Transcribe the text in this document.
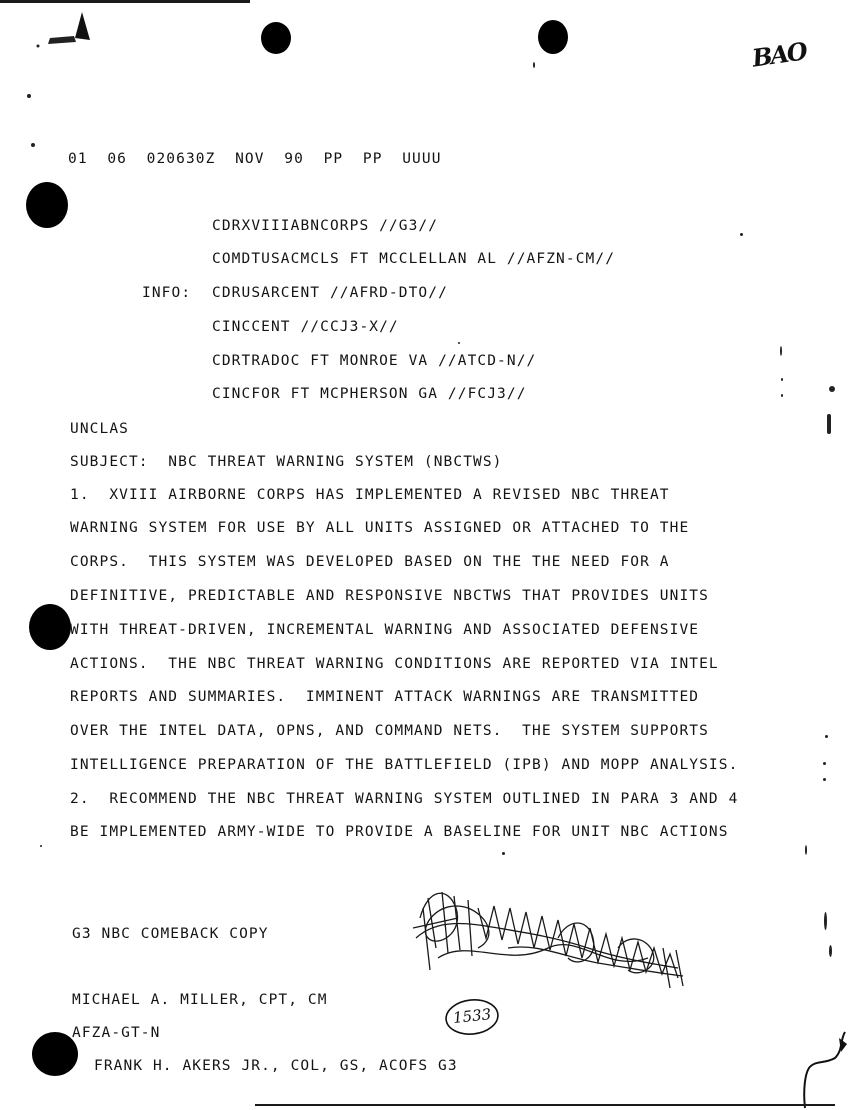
BAO
01  06  020630Z  NOV  90  PP  PP  UUUU
CDRXVIIIABNCORPS //G3//
COMDTUSACMCLS FT MCCLELLAN AL //AFZN-CM//
INFO: CDRUSARCENT //AFRD-DTO//
CINCCENT //CCJ3-X//
CDRTRADOC FT MONROE VA //ATCD-N//
CINCFOR FT MCPHERSON GA //FCJ3//
UNCLAS
SUBJECT:  NBC THREAT WARNING SYSTEM (NBCTWS)
1.  XVIII AIRBORNE CORPS HAS IMPLEMENTED A REVISED NBC THREAT
WARNING SYSTEM FOR USE BY ALL UNITS ASSIGNED OR ATTACHED TO THE
CORPS.  THIS SYSTEM WAS DEVELOPED BASED ON THE THE NEED FOR A
DEFINITIVE, PREDICTABLE AND RESPONSIVE NBCTWS THAT PROVIDES UNITS
WITH THREAT-DRIVEN, INCREMENTAL WARNING AND ASSOCIATED DEFENSIVE
ACTIONS.  THE NBC THREAT WARNING CONDITIONS ARE REPORTED VIA INTEL
REPORTS AND SUMMARIES.  IMMINENT ATTACK WARNINGS ARE TRANSMITTED
OVER THE INTEL DATA, OPNS, AND COMMAND NETS.  THE SYSTEM SUPPORTS
INTELLIGENCE PREPARATION OF THE BATTLEFIELD (IPB) AND MOPP ANALYSIS.
2.  RECOMMEND THE NBC THREAT WARNING SYSTEM OUTLINED IN PARA 3 AND 4
BE IMPLEMENTED ARMY-WIDE TO PROVIDE A BASELINE FOR UNIT NBC ACTIONS
G3 NBC COMEBACK COPY
MICHAEL A. MILLER, CPT, CM
AFZA-GT-N
FRANK H. AKERS JR., COL, GS, ACOFS G3
1533
